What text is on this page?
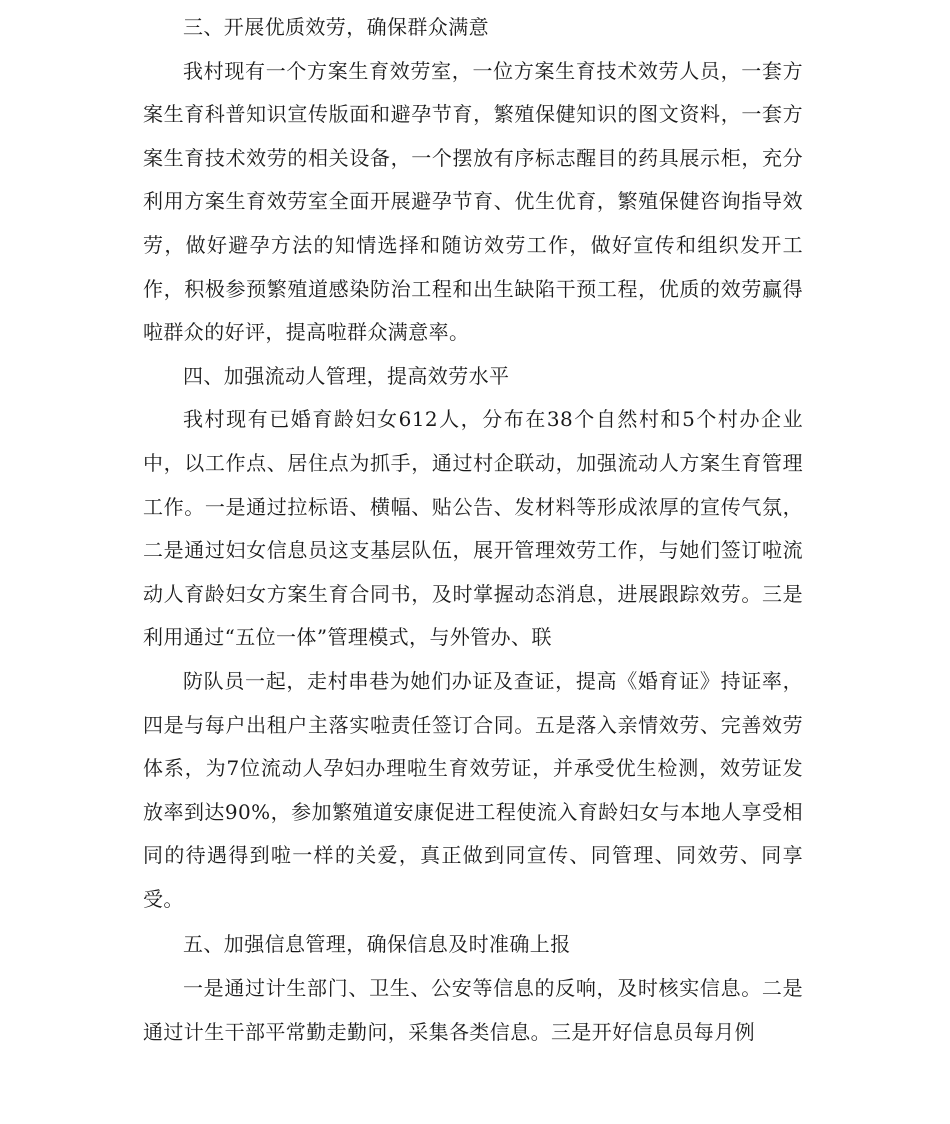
三、开展优质效劳，确保群众满意

我村现有一个方案生育效劳室，一位方案生育技术效劳人员，一套方案生育科普知识宣传版面和避孕节育，繁殖保健知识的图文资料，一套方案生育技术效劳的相关设备，一个摆放有序标志醒目的药具展示柜，充分利用方案生育效劳室全面开展避孕节育、优生优育，繁殖保健咨询指导效劳，做好避孕方法的知情选择和随访效劳工作，做好宣传和组织发开工作，积极参预繁殖道感染防治工程和出生缺陷干预工程，优质的效劳赢得啦群众的好评，提高啦群众满意率。

四、加强流动人管理，提高效劳水平

我村现有已婚育龄妇女612人，分布在38个自然村和5个村办企业中，以工作点、居住点为抓手，通过村企联动，加强流动人方案生育管理工作。一是通过拉标语、横幅、贴公告、发材料等形成浓厚的宣传气氛，二是通过妇女信息员这支基层队伍，展开管理效劳工作，与她们签订啦流动人育龄妇女方案生育合同书，及时掌握动态消息，进展跟踪效劳。三是利用通过“五位一体”管理模式，与外管办、联

防队员一起，走村串巷为她们办证及查证，提高《婚育证》持证率，四是与每户出租户主落实啦责任签订合同。五是落入亲情效劳、完善效劳体系，为7位流动人孕妇办理啦生育效劳证，并承受优生检测，效劳证发放率到达90%，参加繁殖道安康促进工程使流入育龄妇女与本地人享受相同的待遇得到啦一样的关爱，真正做到同宣传、同管理、同效劳、同享受。

五、加强信息管理，确保信息及时准确上报

一是通过计生部门、卫生、公安等信息的反响，及时核实信息。二是通过计生干部平常勤走勤问，采集各类信息。三是开好信息员每月例
